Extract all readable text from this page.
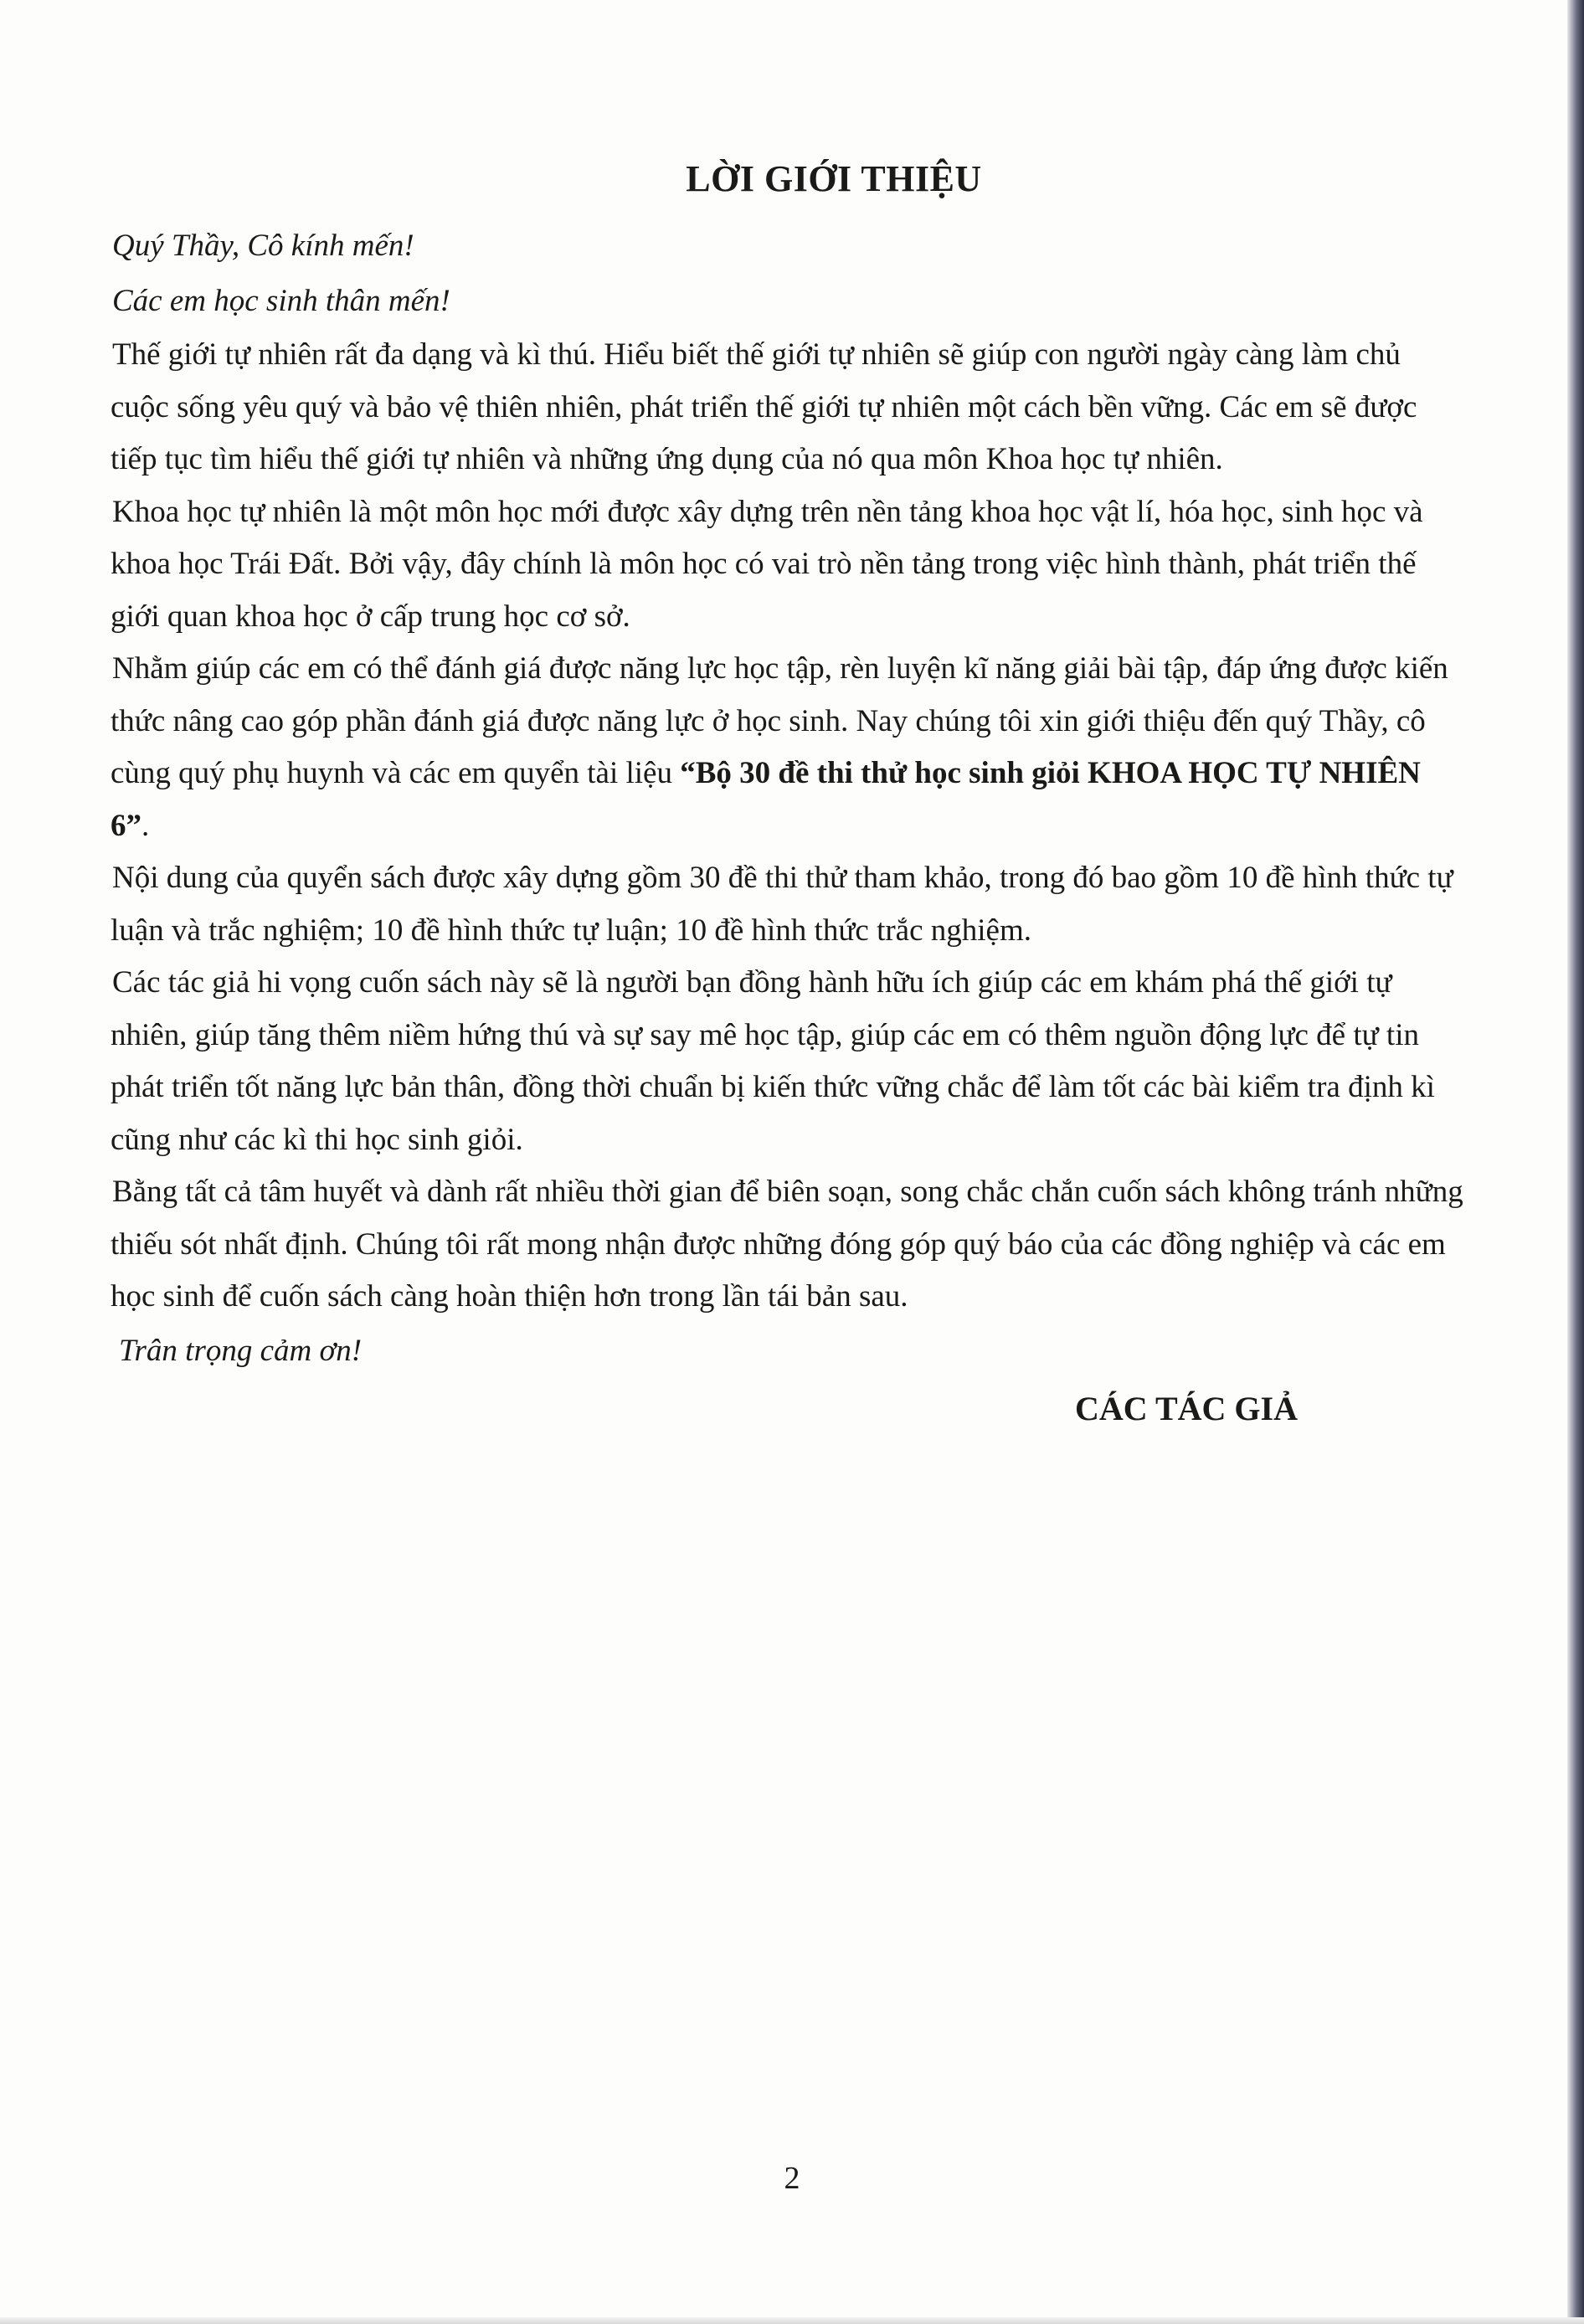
LỜI GIỚI THIỆU

Quý Thầy, Cô kính mến!

Các em học sinh thân mến!

Thế giới tự nhiên rất đa dạng và kì thú. Hiểu biết thế giới tự nhiên sẽ giúp con người ngày càng làm chủ cuộc sống yêu quý và bảo vệ thiên nhiên, phát triển thế giới tự nhiên một cách bền vững. Các em sẽ được tiếp tục tìm hiểu thế giới tự nhiên và những ứng dụng của nó qua môn Khoa học tự nhiên.

Khoa học tự nhiên là một môn học mới được xây dựng trên nền tảng khoa học vật lí, hóa học, sinh học và khoa học Trái Đất. Bởi vậy, đây chính là môn học có vai trò nền tảng trong việc hình thành, phát triển thế giới quan khoa học ở cấp trung học cơ sở.

Nhằm giúp các em có thể đánh giá được năng lực học tập, rèn luyện kĩ năng giải bài tập, đáp ứng được kiến thức nâng cao góp phần đánh giá được năng lực ở học sinh. Nay chúng tôi xin giới thiệu đến quý Thầy, cô cùng quý phụ huynh và các em quyển tài liệu “Bộ 30 đề thi thử học sinh giỏi KHOA HỌC TỰ NHIÊN 6”.

Nội dung của quyển sách được xây dựng gồm 30 đề thi thử tham khảo, trong đó bao gồm 10 đề hình thức tự luận và trắc nghiệm; 10 đề hình thức tự luận; 10 đề hình thức trắc nghiệm.

Các tác giả hi vọng cuốn sách này sẽ là người bạn đồng hành hữu ích giúp các em khám phá thế giới tự nhiên, giúp tăng thêm niềm hứng thú và sự say mê học tập, giúp các em có thêm nguồn động lực để tự tin phát triển tốt năng lực bản thân, đồng thời chuẩn bị kiến thức vững chắc để làm tốt các bài kiểm tra định kì cũng như các kì thi học sinh giỏi.

Bằng tất cả tâm huyết và dành rất nhiều thời gian để biên soạn, song chắc chắn cuốn sách không tránh những thiếu sót nhất định. Chúng tôi rất mong nhận được những đóng góp quý báo của các đồng nghiệp và các em học sinh để cuốn sách càng hoàn thiện hơn trong lần tái bản sau.

Trân trọng cảm ơn!

CÁC TÁC GIẢ

2
